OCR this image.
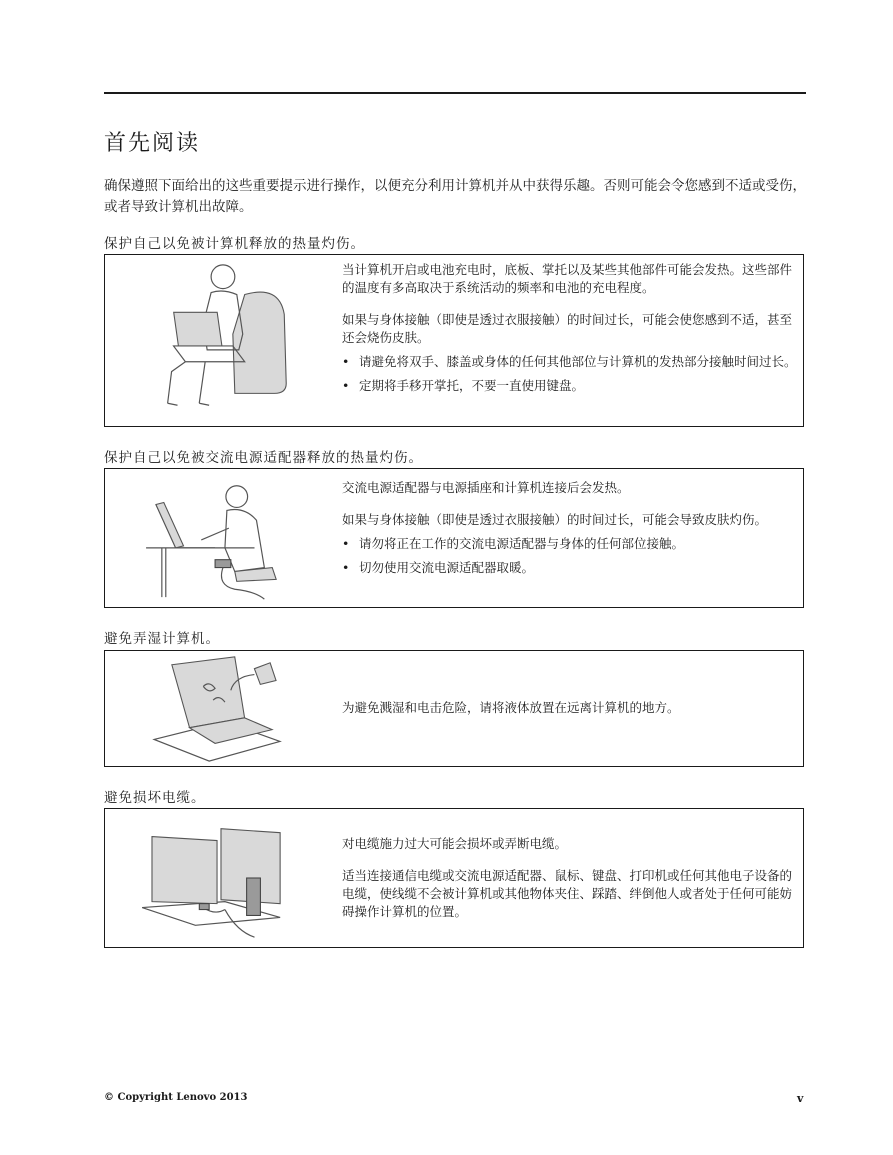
首先阅读

确保遵照下面给出的这些重要提示进行操作，以便充分利用计算机并从中获得乐趣。否则可能会令您感到不适或受伤，或者导致计算机出故障。

保护自己以免被计算机释放的热量灼伤。

当计算机开启或电池充电时，底板、掌托以及某些其他部件可能会发热。这些部件的温度有多高取决于系统活动的频率和电池的充电程度。

如果与身体接触（即使是透过衣服接触）的时间过长，可能会使您感到不适，甚至还会烧伤皮肤。

• 请避免将双手、膝盖或身体的任何其他部位与计算机的发热部分接触时间过长。
• 定期将手移开掌托，不要一直使用键盘。
保护自己以免被交流电源适配器释放的热量灼伤。

交流电源适配器与电源插座和计算机连接后会发热。

如果与身体接触（即使是透过衣服接触）的时间过长，可能会导致皮肤灼伤。

• 请勿将正在工作的交流电源适配器与身体的任何部位接触。
• 切勿使用交流电源适配器取暖。
避免弄湿计算机。

为避免溅湿和电击危险，请将液体放置在远离计算机的地方。

避免损坏电缆。

对电缆施力过大可能会损坏或弄断电缆。

适当连接通信电缆或交流电源适配器、鼠标、键盘、打印机或任何其他电子设备的电缆，使线缆不会被计算机或其他物体夹住、踩踏、绊倒他人或者处于任何可能妨碍操作计算机的位置。

© Copyright Lenovo 2013	v
